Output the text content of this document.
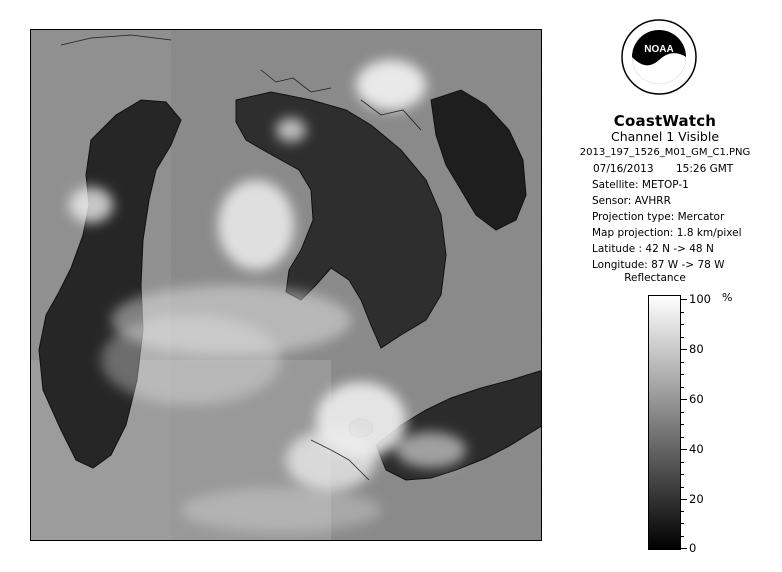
NOAA
CoastWatch
Channel 1 Visible
2013_197_1526_M01_GM_C1.PNG
07/16/2013 15:26 GMT
Satellite: METOP-1
Sensor: AVHRR
Projection type: Mercator
Map projection: 1.8 km/pixel
Latitude : 42 N -> 48 N
Longitude: 87 W -> 78 W
Reflectance
%
100
80
60
40
20
0
